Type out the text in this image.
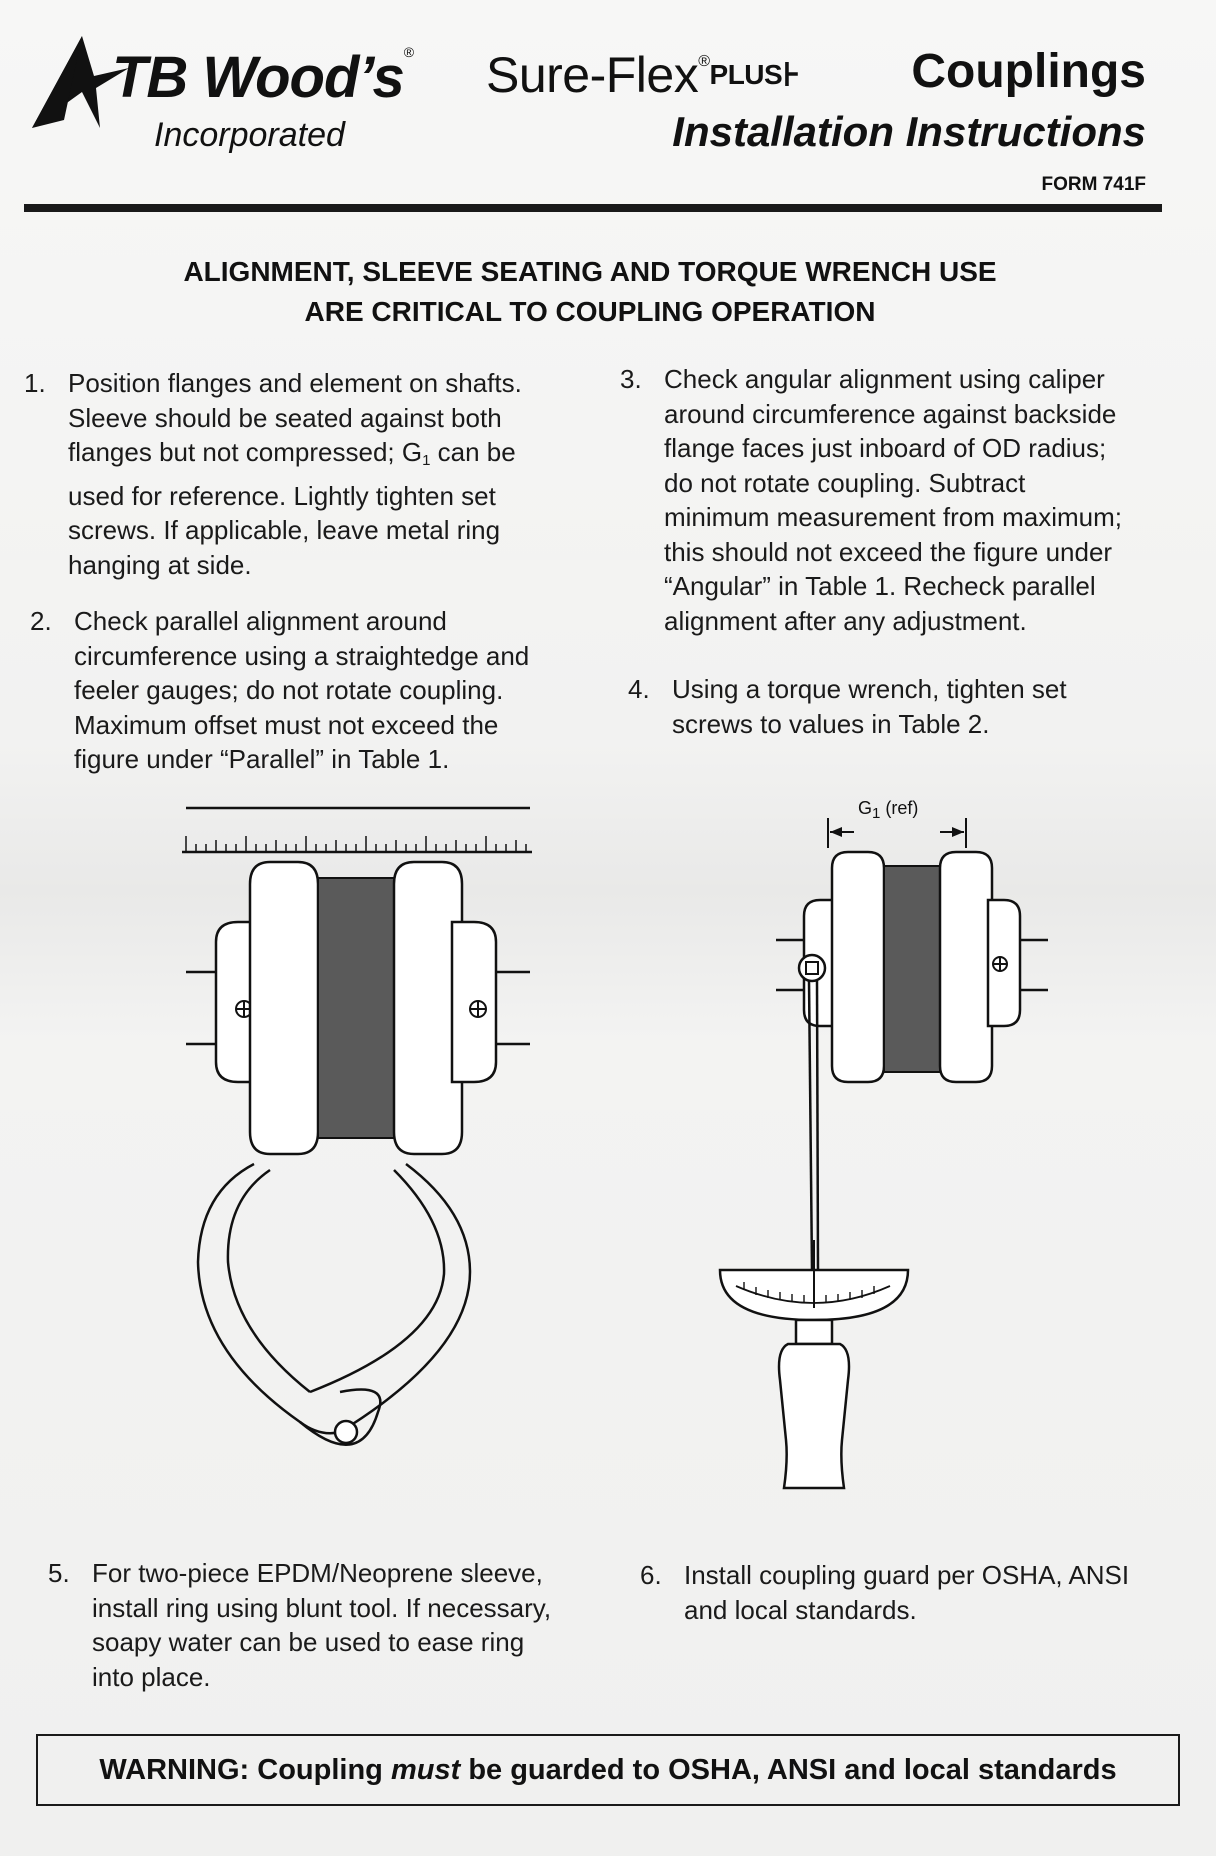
TB Wood’s®
Incorporated
Sure-Flex®PLUS⊦ Couplings
Installation Instructions
FORM 741F
ALIGNMENT, SLEEVE SEATING AND TORQUE WRENCH USE
ARE CRITICAL TO COUPLING OPERATION
1. Position flanges and element on shafts.
Sleeve should be seated against both
flanges but not compressed; G1 can be
used for reference. Lightly tighten set
screws. If applicable, leave metal ring
hanging at side.
2. Check parallel alignment around
circumference using a straightedge and
feeler gauges; do not rotate coupling.
Maximum offset must not exceed the
figure under “Parallel” in Table 1.
3. Check angular alignment using caliper
around circumference against backside
flange faces just inboard of OD radius;
do not rotate coupling. Subtract
minimum measurement from maximum;
this should not exceed the figure under
“Angular” in Table 1. Recheck parallel
alignment after any adjustment.
4. Using a torque wrench, tighten set
screws to values in Table 2.
$G_1$ (ref)
5. For two-piece EPDM/Neoprene sleeve,
install ring using blunt tool. If necessary,
soapy water can be used to ease ring
into place.
6. Install coupling guard per OSHA, ANSI
and local standards.
WARNING: Coupling
must
be guarded to OSHA, ANSI and local standards
